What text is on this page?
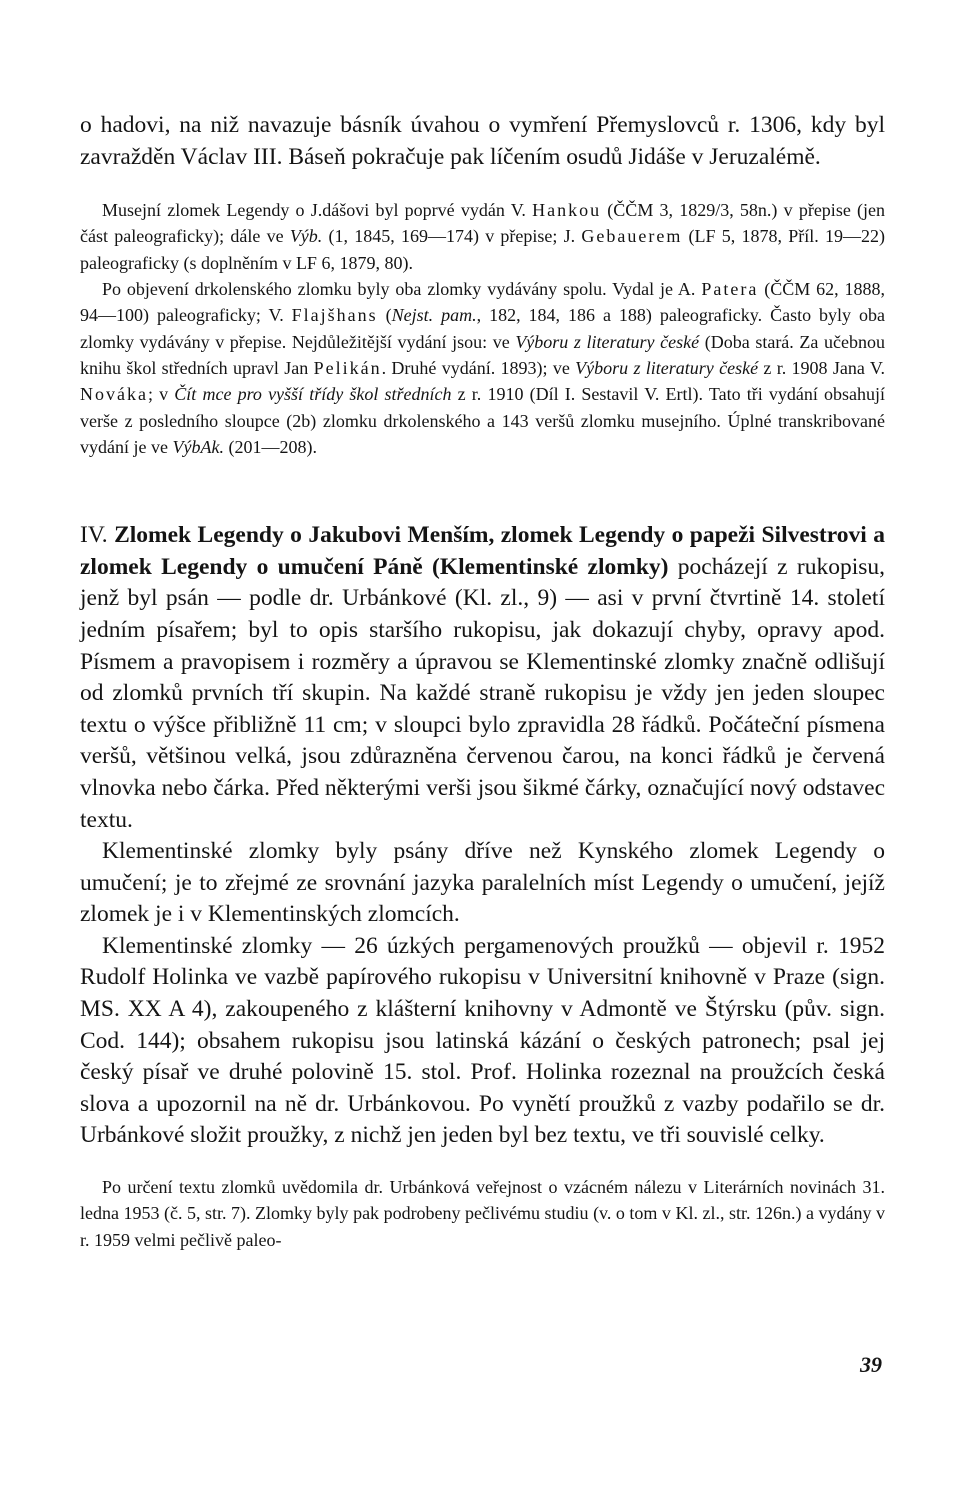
o hadovi, na niž navazuje básník úvahou o vymření Přemyslovců r. 1306, kdy byl zavražděn Václav III. Báseň pokračuje pak líčením osudů Jidáše v Jeruzalémě.

Musejní zlomek Legendy o J.dášovi byl poprvé vydán V. Hankou (ČČM 3, 1829/3, 58n.) v přepise (jen část paleograficky); dále ve Výb. (1, 1845, 169—174) v přepise; J. Gebauerem (LF 5, 1878, Příl. 19—22) paleograficky (s doplněním v LF 6, 1879, 80).

Po objevení drkolenského zlomku byly oba zlomky vydávány spolu. Vydal je A. Patera (ČČM 62, 1888, 94—100) paleograficky; V. Flajšhans (Nejst. pam., 182, 184, 186 a 188) paleograficky. Často byly oba zlomky vydávány v přepise. Nejdůležitější vydání jsou: ve Výboru z literatury české (Doba stará. Za učebnou knihu škol středních upravl Jan Pelikán. Druhé vydání. 1893); ve Výboru z literatury české z r. 1908 Jana V. Nováka; v Čít mce pro vyšší třídy škol středních z r. 1910 (Díl I. Sestavil V. Ertl). Tato tři vydání obsahují verše z posledního sloupce (2b) zlomku drkolenského a 143 veršů zlomku musejního. Úplné transkribované vydání je ve VýbAk. (201—208).

IV. Zlomek Legendy o Jakubovi Menším, zlomek Legendy o papeži Silvestrovi a zlomek Legendy o umučení Páně (Klementinské zlomky) pocházejí z rukopisu, jenž byl psán — podle dr. Urbánkové (Kl. zl., 9) — asi v první čtvrtině 14. století jedním písařem; byl to opis staršího rukopisu, jak dokazují chyby, opravy apod. Písmem a pravopisem i rozměry a úpravou se Klementinské zlomky značně odlišují od zlomků prvních tří skupin. Na každé straně rukopisu je vždy jen jeden sloupec textu o výšce přibližně 11 cm; v sloupci bylo zpravidla 28 řádků. Počáteční písmena veršů, většinou velká, jsou zdůrazněna červenou čarou, na konci řádků je červená vlnovka nebo čárka. Před některými verši jsou šikmé čárky, označující nový odstavec textu.

Klementinské zlomky byly psány dříve než Kynského zlomek Legendy o umučení; je to zřejmé ze srovnání jazyka paralelních míst Legendy o umučení, jejíž zlomek je i v Klementinských zlomcích.

Klementinské zlomky — 26 úzkých pergamenových proužků — objevil r. 1952 Rudolf Holinka ve vazbě papírového rukopisu v Universitní knihovně v Praze (sign. MS. XX A 4), zakoupeného z klášterní knihovny v Admontě ve Štýrsku (pův. sign. Cod. 144); obsahem rukopisu jsou latinská kázání o českých patronech; psal jej český písař ve druhé polovině 15. stol. Prof. Holinka rozeznal na proužcích česká slova a upozornil na ně dr. Urbánkovou. Po vynětí proužků z vazby podařilo se dr. Urbánkové složit proužky, z nichž jen jeden byl bez textu, ve tři souvislé celky.

Po určení textu zlomků uvědomila dr. Urbánková veřejnost o vzácném nálezu v Literárních novinách 31. ledna 1953 (č. 5, str. 7). Zlomky byly pak podrobeny pečlivému studiu (v. o tom v Kl. zl., str. 126n.) a vydány v r. 1959 velmi pečlivě paleo-

39
